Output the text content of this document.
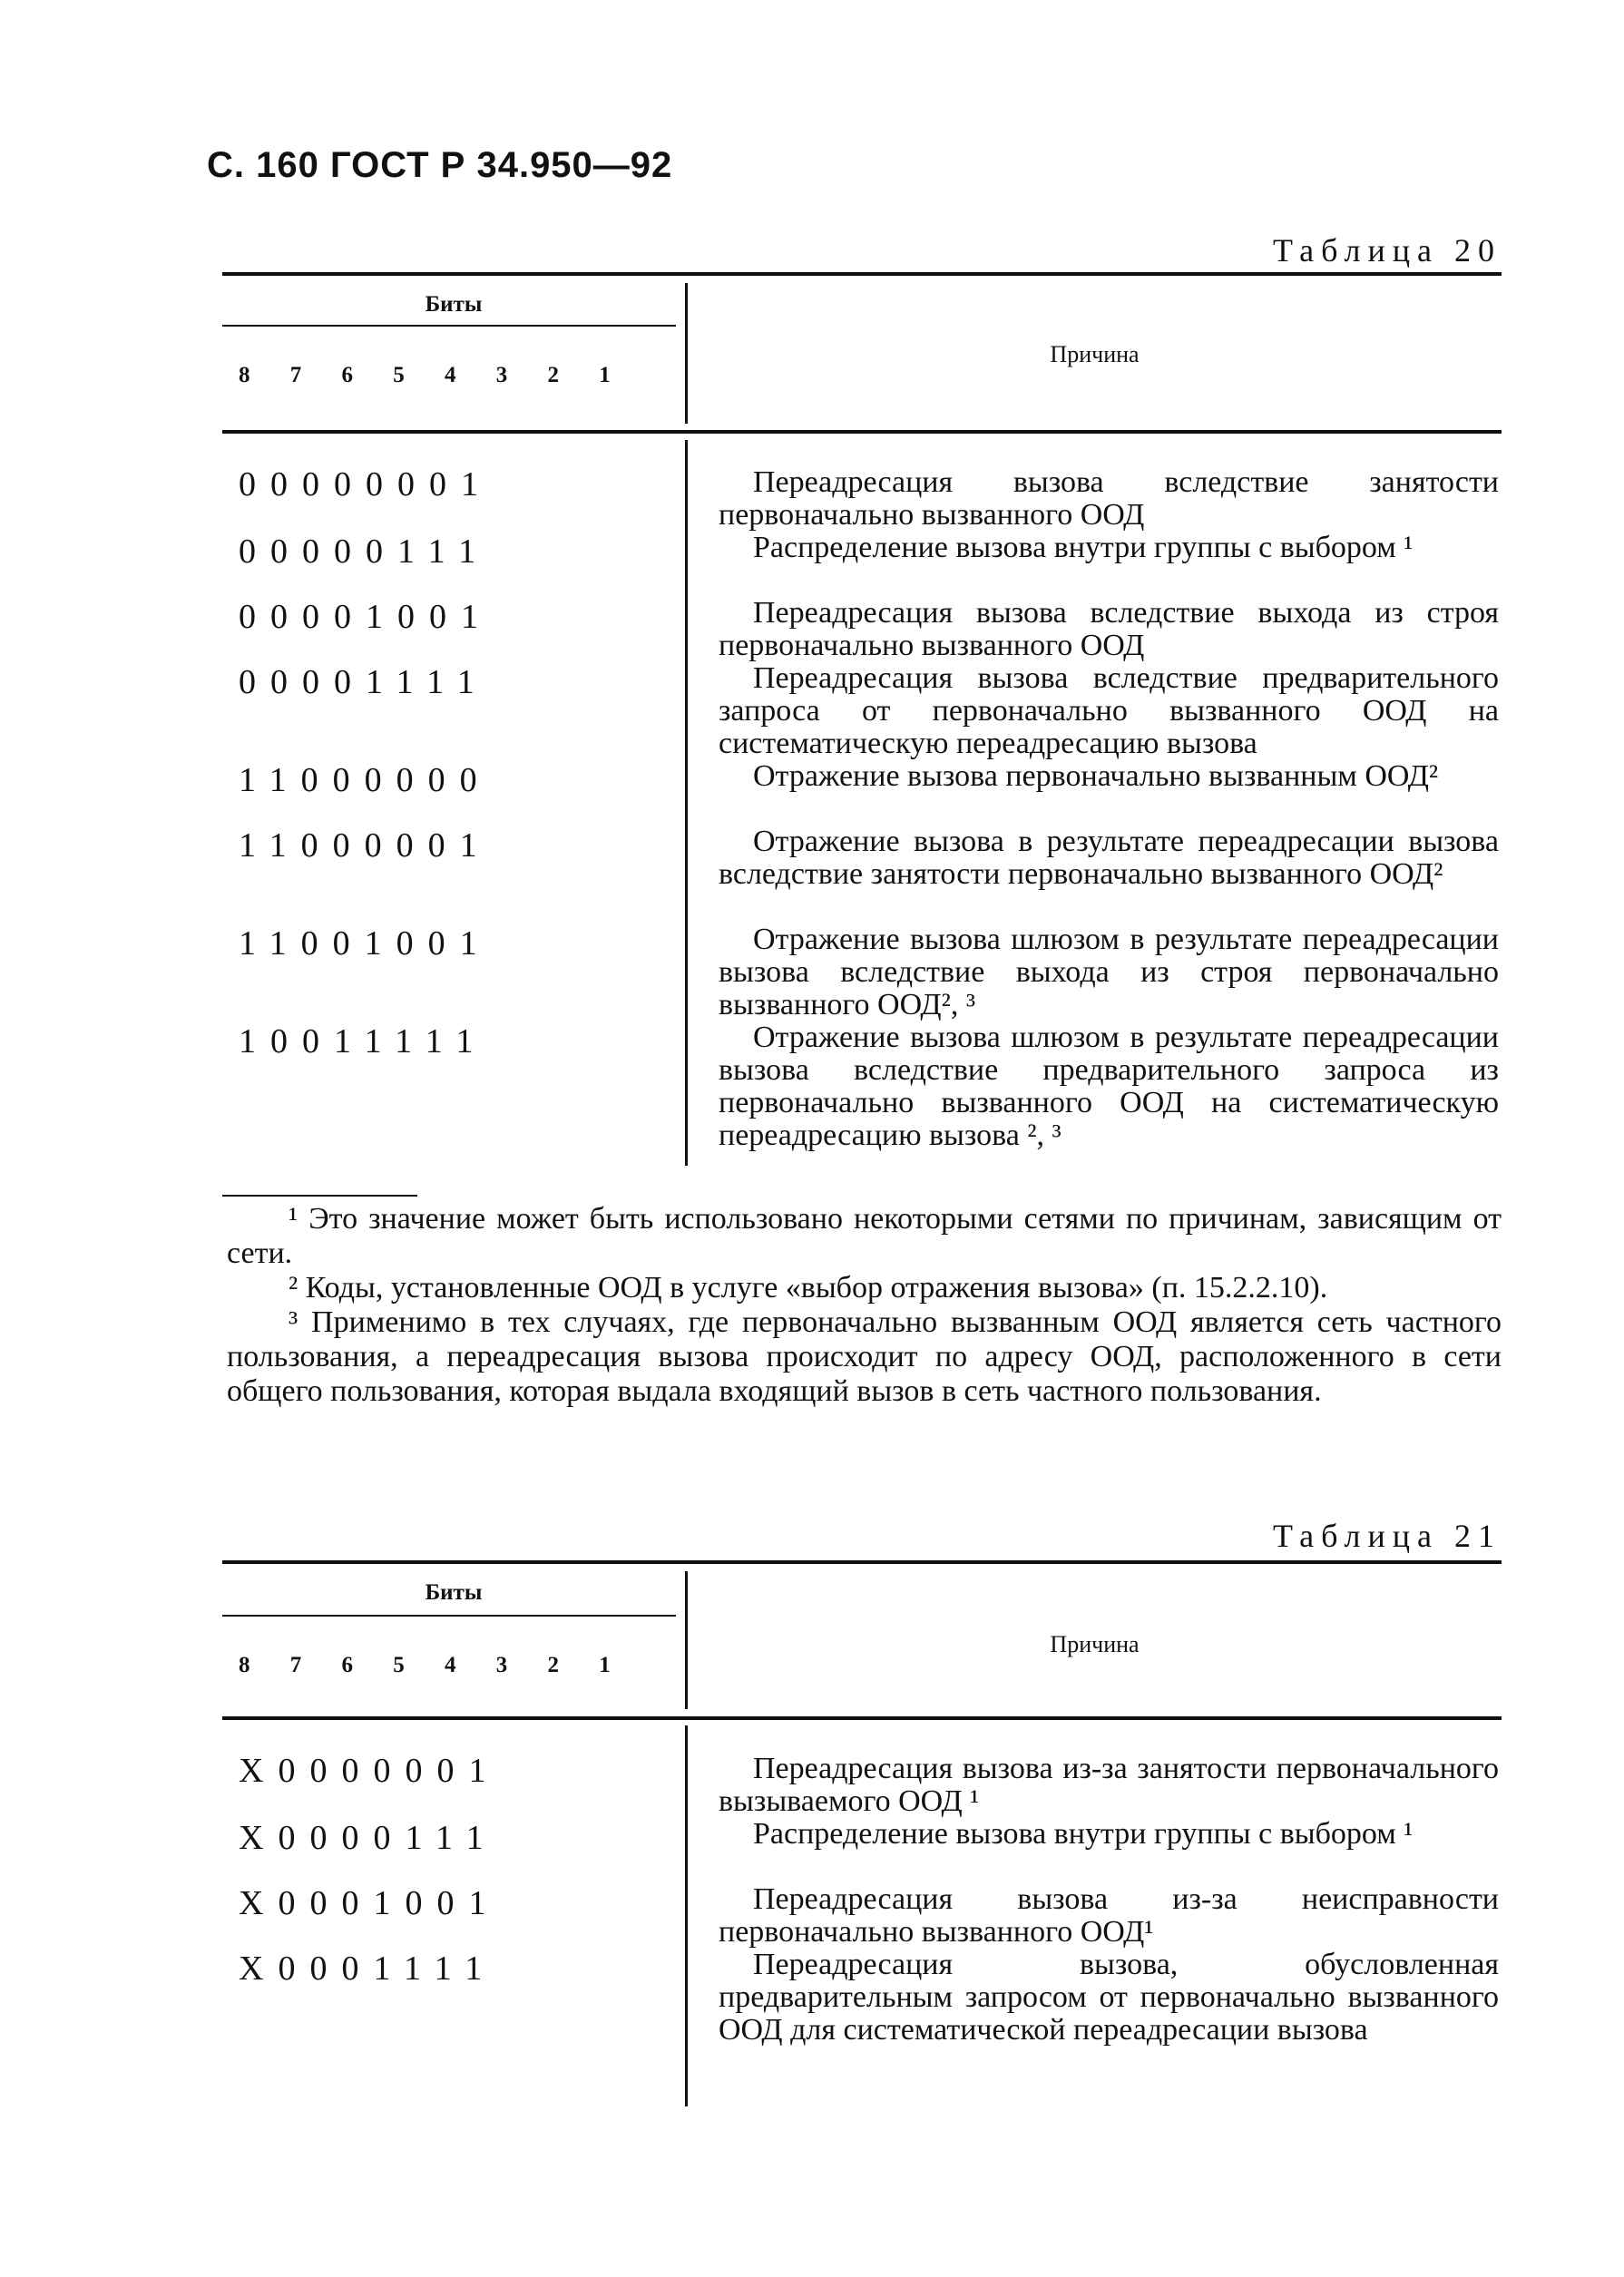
С. 160 ГОСТ Р 34.950—92
Таблица 20
Биты
8 7 6 5 4 3 2 1
Причина
00000001	Переадресация вызова вследствие занятости первоначально вызванного ООД
00000111	Распределение вызова внутри группы с выбором ¹
00001001	Переадресация вызова вследствие выхода из строя первоначально вызванного ООД
00001111	Переадресация вызова вследствие предварительного запроса от первоначально вызванного ООД на систематическую переадресацию вызова
11000000	Отражение вызова первоначально вызванным ООД²
11000001	Отражение вызова в результате переадресации вызова вследствие занятости первоначально вызванного ООД²
11001001	Отражение вызова шлюзом в результате переадресации вызова вследствие выхода из строя первоначально вызванного ООД², ³
10011111	Отражение вызова шлюзом в результате переадресации вызова вследствие предварительного запроса из первоначально вызванного ООД на систематическую переадресацию вызова ², ³

¹ Это значение может быть использовано некоторыми сетями по причинам, зависящим от сети.

² Коды, установленные ООД в услуге «выбор отражения вызова» (п. 15.2.2.10).

³ Применимо в тех случаях, где первоначально вызванным ООД является сеть частного пользования, а переадресация вызова происходит по адресу ООД, расположенного в сети общего пользования, которая выдала входящий вызов в сеть частного пользования.

Таблица 21
Биты
8 7 6 5 4 3 2 1
Причина
X0000001	Переадресация вызова из-за занятости первоначального вызываемого ООД ¹
X0000111	Распределение вызова внутри группы с выбором ¹
X0001001	Переадресация вызова из-за неисправности первоначально вызванного ООД¹
X0001111	Переадресация вызова, обусловленная предварительным запросом от первоначально вызванного ООД для систематической переадресации вызова
